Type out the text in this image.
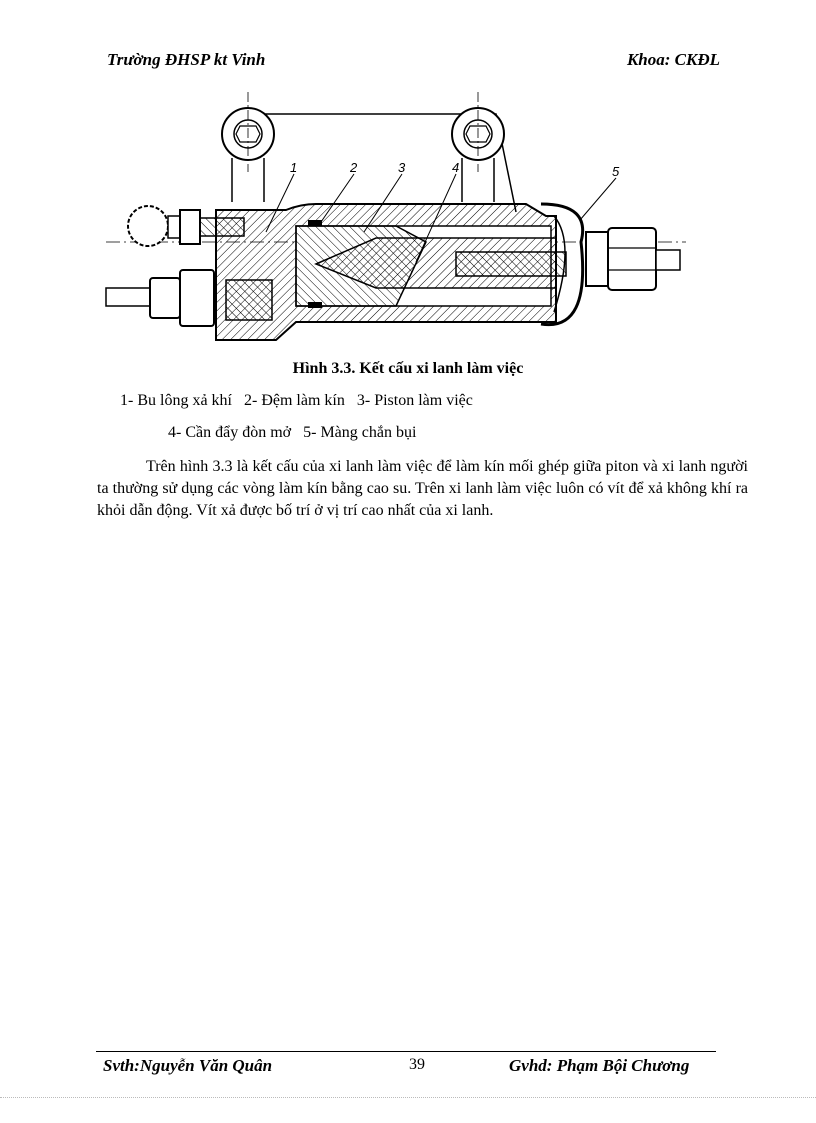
Trường ĐHSP kt Vinh	Khoa: CKĐL
1	2	3	4	5
Hình 3.3. Kết cấu xi lanh làm việc
1- Bu lông xả khí   2- Đệm làm kín   3- Piston làm việc
4- Cần đẩy đòn mở   5- Màng chắn bụi
Trên hình 3.3 là kết cấu của xi lanh làm việc để làm kín mối ghép giữa piton và xi lanh người ta thường sử dụng các vòng làm kín bằng cao su. Trên xi lanh làm việc luôn có vít để xả không khí ra khỏi dẫn động. Vít xả được bố trí ở vị trí cao nhất của xi lanh.
Svth:Nguyễn Văn Quân	39	Gvhd: Phạm Bội Chương
